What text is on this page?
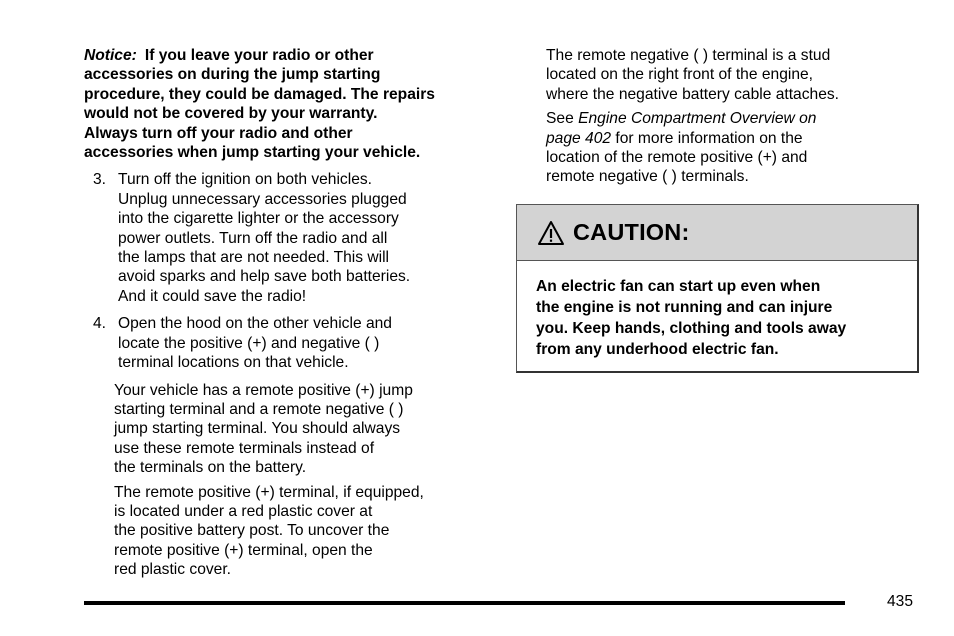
Notice: If you leave your radio or other
accessories on during the jump starting
procedure, they could be damaged. The repairs
would not be covered by your warranty.
Always turn off your radio and other
accessories when jump starting your vehicle.
3. Turn off the ignition on both vehicles.
Unplug unnecessary accessories plugged
into the cigarette lighter or the accessory
power outlets. Turn off the radio and all
the lamps that are not needed. This will
avoid sparks and help save both batteries.
And it could save the radio!
4. Open the hood on the other vehicle and
locate the positive (+) and negative ( )
terminal locations on that vehicle.
Your vehicle has a remote positive (+) jump
starting terminal and a remote negative ( )
jump starting terminal. You should always
use these remote terminals instead of
the terminals on the battery.
The remote positive (+) terminal, if equipped,
is located under a red plastic cover at
the positive battery post. To uncover the
remote positive (+) terminal, open the
red plastic cover.
The remote negative ( ) terminal is a stud
located on the right front of the engine,
where the negative battery cable attaches.
See Engine Compartment Overview on
page 402 for more information on the
location of the remote positive (+) and
remote negative ( ) terminals.
CAUTION:
An electric fan can start up even when
the engine is not running and can injure
you. Keep hands, clothing and tools away
from any underhood electric fan.
435
